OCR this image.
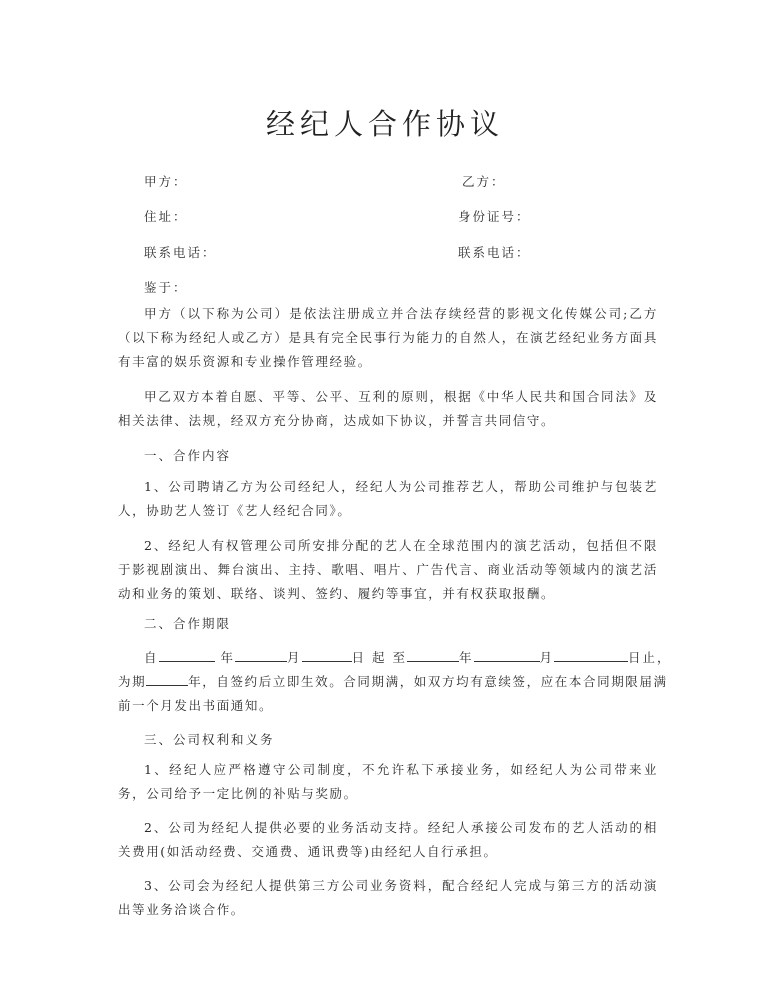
经纪人合作协议
甲方：	乙方：
住址：	身份证号：
联系电话：	联系电话：
鉴于：
甲方（以下称为公司）是依法注册成立并合法存续经营的影视文化传媒公司;乙方（以下称为经纪人或乙方）是具有完全民事行为能力的自然人，在演艺经纪业务方面具有丰富的娱乐资源和专业操作管理经验。
甲乙双方本着自愿、平等、公平、互利的原则，根据《中华人民共和国合同法》及相关法律、法规，经双方充分协商，达成如下协议，并誓言共同信守。
一、合作内容
1、公司聘请乙方为公司经纪人，经纪人为公司推荐艺人，帮助公司维护与包装艺人，协助艺人签订《艺人经纪合同》。
2、经纪人有权管理公司所安排分配的艺人在全球范围内的演艺活动，包括但不限于影视剧演出、舞台演出、主持、歌唱、唱片、广告代言、商业活动等领域内的演艺活动和业务的策划、联络、谈判、签约、履约等事宜，并有权获取报酬。
二、合作期限
自	年	月	日 起 至	年	月	日止，
为期	年，自签约后立即生效。合同期满，如双方均有意续签，应在本合同期限届满
前一个月发出书面通知。
三、公司权利和义务
1、经纪人应严格遵守公司制度，不允许私下承接业务，如经纪人为公司带来业务，公司给予一定比例的补贴与奖励。
2、公司为经纪人提供必要的业务活动支持。经纪人承接公司发布的艺人活动的相关费用(如活动经费、交通费、通讯费等)由经纪人自行承担。
3、公司会为经纪人提供第三方公司业务资料，配合经纪人完成与第三方的活动演出等业务洽谈合作。
